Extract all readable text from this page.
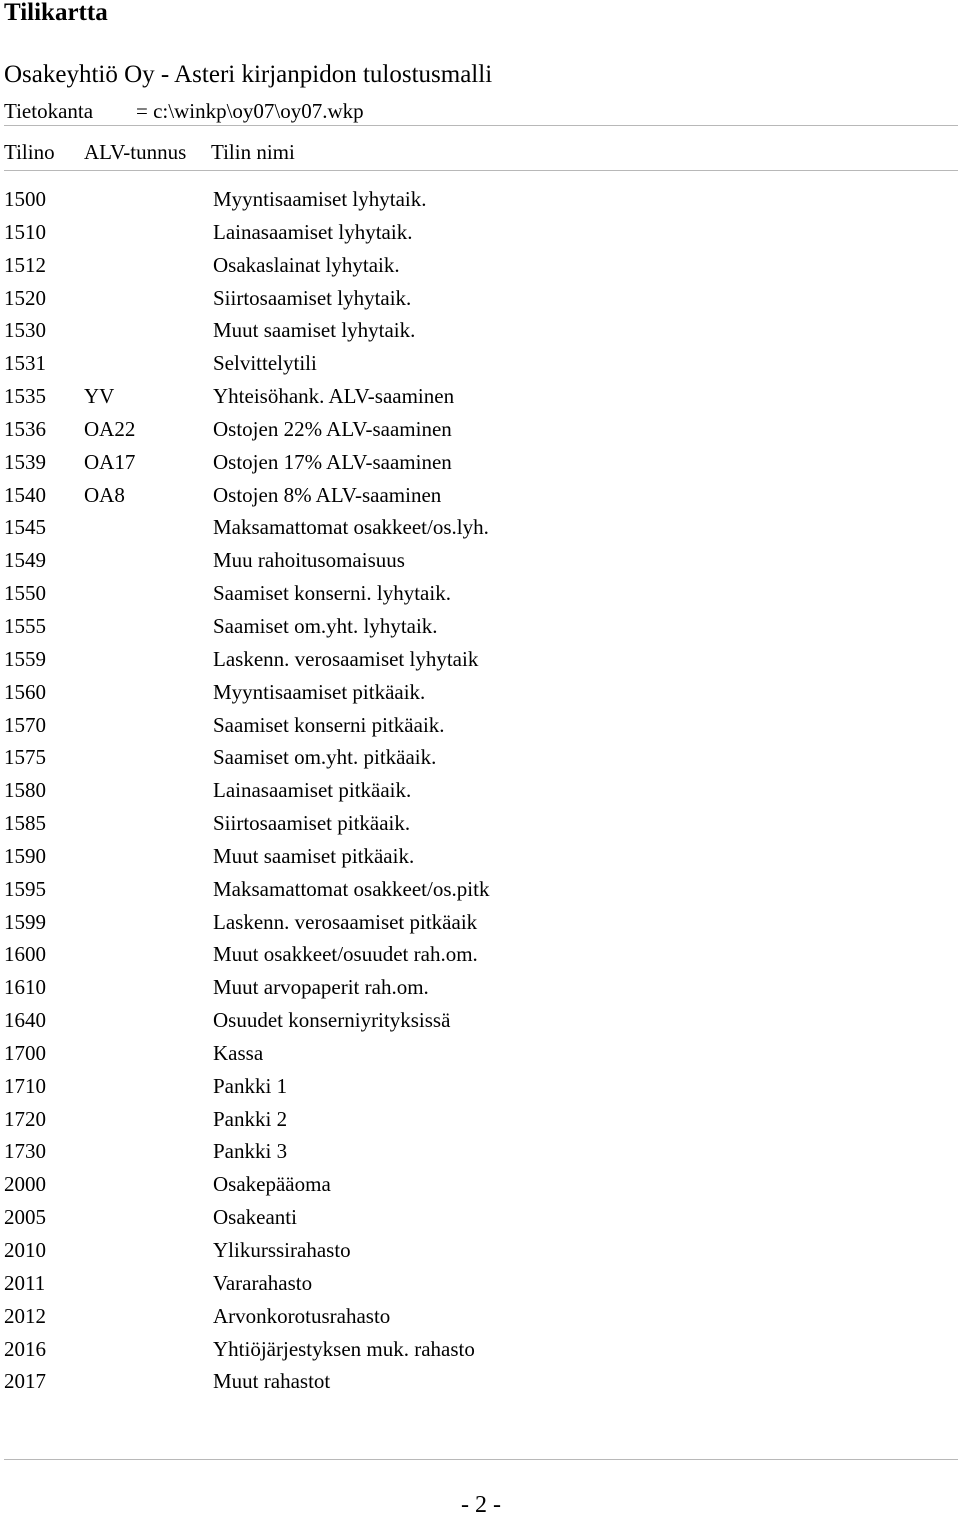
Tilikartta
Osakeyhtiö Oy - Asteri kirjanpidon tulostusmalli
Tietokanta = c:\winkp\oy07\oy07.wkp
Tilino ALV-tunnus Tilin nimi
1500	Myyntisaamiset lyhytaik.
1510	Lainasaamiset lyhytaik.
1512	Osakaslainat lyhytaik.
1520	Siirtosaamiset lyhytaik.
1530	Muut saamiset lyhytaik.
1531	Selvittelytili
1535 YV	Yhteisöhank. ALV-saaminen
1536 OA22	Ostojen 22% ALV-saaminen
1539 OA17	Ostojen 17% ALV-saaminen
1540 OA8	Ostojen 8% ALV-saaminen
1545	Maksamattomat osakkeet/os.lyh.
1549	Muu rahoitusomaisuus
1550	Saamiset konserni. lyhytaik.
1555	Saamiset om.yht. lyhytaik.
1559	Laskenn. verosaamiset lyhytaik
1560	Myyntisaamiset pitkäaik.
1570	Saamiset konserni pitkäaik.
1575	Saamiset om.yht. pitkäaik.
1580	Lainasaamiset pitkäaik.
1585	Siirtosaamiset pitkäaik.
1590	Muut saamiset pitkäaik.
1595	Maksamattomat osakkeet/os.pitk
1599	Laskenn. verosaamiset pitkäaik
1600	Muut osakkeet/osuudet rah.om.
1610	Muut arvopaperit rah.om.
1640	Osuudet konserniyrityksissä
1700	Kassa
1710	Pankki 1
1720	Pankki 2
1730	Pankki 3
2000	Osakepääoma
2005	Osakeanti
2010	Ylikurssirahasto
2011	Vararahasto
2012	Arvonkorotusrahasto
2016	Yhtiöjärjestyksen muk. rahasto
2017	Muut rahastot
- 2 -
